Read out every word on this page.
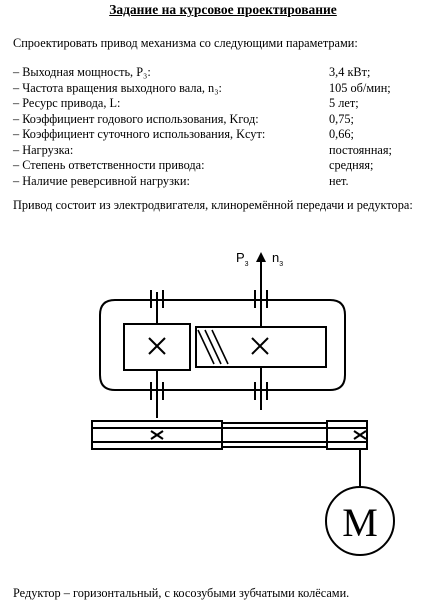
Задание на курсовое проектирование
Спроектировать привод механизма со следующими параметрами:
– Выходная мощность, P₃:	3,4 кВт;
– Частота вращения выходного вала, n₃:	105 об/мин;
– Ресурс привода, L:	5 лет;
– Коэффициент годового использования, Kгод:	0,75;
– Коэффициент суточного использования, Kсут:	0,66;
– Нагрузка:	постоянная;
– Степень ответственности привода:	средняя;
– Наличие реверсивной нагрузки:	нет.
Привод состоит из электродвигателя, клиноремённой передачи и редуктора:
$P_3$ $n_3$
M
Редуктор – горизонтальный, с косозубыми зубчатыми колёсами.
